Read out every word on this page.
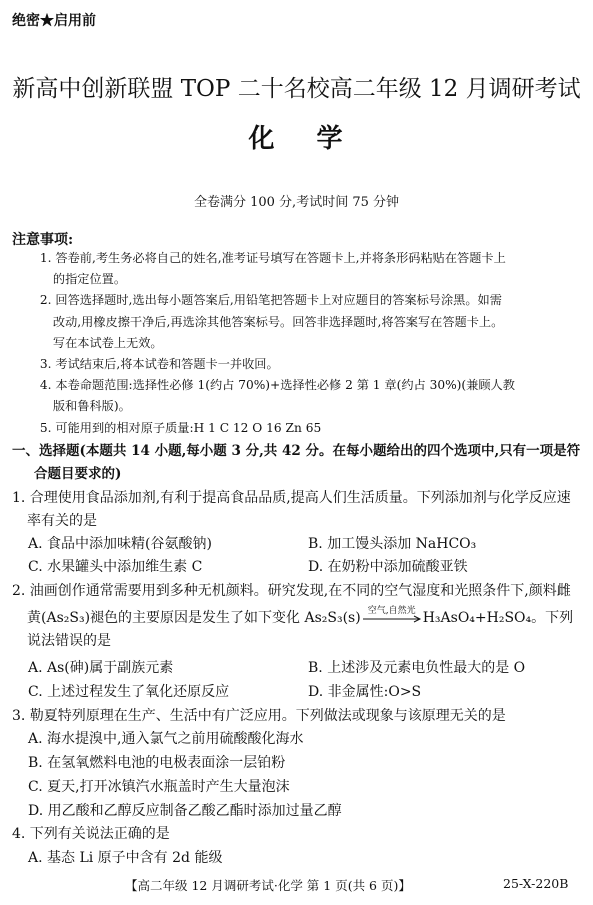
绝密★启用前
新高中创新联盟 TOP 二十名校高二年级 12 月调研考试
化学
全卷满分 100 分,考试时间 75 分钟
注意事项:
1. 答卷前,考生务必将自己的姓名,准考证号填写在答题卡上,并将条形码粘贴在答题卡上
的指定位置。
2. 回答选择题时,选出每小题答案后,用铅笔把答题卡上对应题目的答案标号涂黑。如需
改动,用橡皮擦干净后,再选涂其他答案标号。回答非选择题时,将答案写在答题卡上。
写在本试卷上无效。
3. 考试结束后,将本试卷和答题卡一并收回。
4. 本卷命题范围:选择性必修 1(约占 70%)+选择性必修 2 第 1 章(约占 30%)(兼顾人教
版和鲁科版)。
5. 可能用到的相对原子质量:H 1 C 12 O 16 Zn 65
一、选择题(本题共 14 小题,每小题 3 分,共 42 分。在每小题给出的四个选项中,只有一项是符
合题目要求的)
1. 合理使用食品添加剂,有利于提高食品品质,提高人们生活质量。下列添加剂与化学反应速
率有关的是
A. 食品中添加味精(谷氨酸钠)	B. 加工馒头添加 NaHCO₃
C. 水果罐头中添加维生素 C	D. 在奶粉中添加硫酸亚铁
2. 油画创作通常需要用到多种无机颜料。研究发现,在不同的空气湿度和光照条件下,颜料雌
黄(As₂S₃)褪色的主要原因是发生了如下变化 As₂S₃(s) 空气,自然光 H₃AsO₄+H₂SO₄。下列
说法错误的是
A. As(砷)属于副族元素	B. 上述涉及元素电负性最大的是 O
C. 上述过程发生了氧化还原反应	D. 非金属性:O>S
3. 勒夏特列原理在生产、生活中有广泛应用。下列做法或现象与该原理无关的是
A. 海水提溴中,通入氯气之前用硫酸酸化海水
B. 在氢氧燃料电池的电极表面涂一层铂粉
C. 夏天,打开冰镇汽水瓶盖时产生大量泡沫
D. 用乙酸和乙醇反应制备乙酸乙酯时添加过量乙醇
4. 下列有关说法正确的是
A. 基态 Li 原子中含有 2d 能级
【高二年级 12 月调研考试·化学 第 1 页(共 6 页)】	25-X-220B
